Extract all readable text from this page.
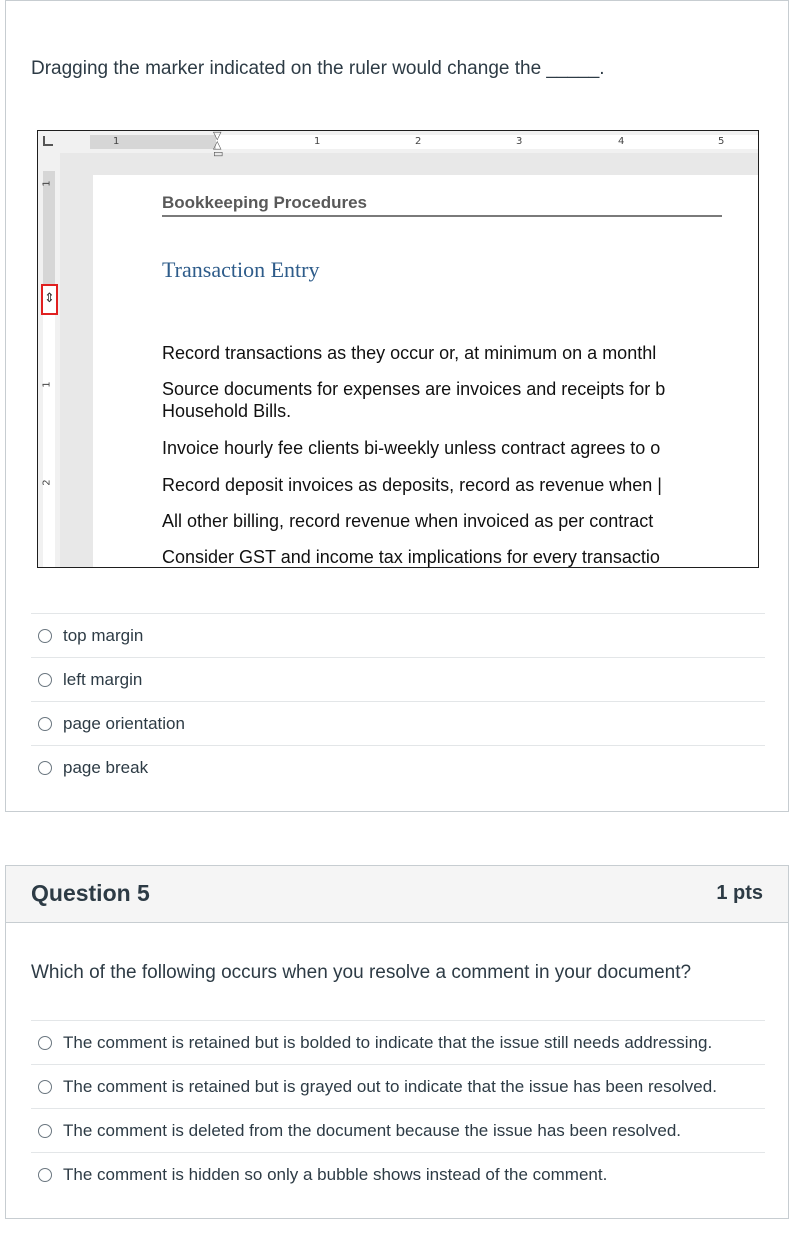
Dragging the marker indicated on the ruler would change the _____.
1	▽
△
▭
1	2	3	4	5
1
1
2
⇕
Bookkeeping Procedures
Transaction Entry
Record transactions as they occur or, at minimum on a monthl
Source documents for expenses are invoices and receipts for b
Household Bills.
Invoice hourly fee clients bi-weekly unless contract agrees to o
Record deposit invoices as deposits, record as revenue when |
All other billing, record revenue when invoiced as per contract
Consider GST and income tax implications for every transactio
top margin
left margin
page orientation
page break
Question 5	1 pts
Which of the following occurs when you resolve a comment in your document?
The comment is retained but is bolded to indicate that the issue still needs addressing.
The comment is retained but is grayed out to indicate that the issue has been resolved.
The comment is deleted from the document because the issue has been resolved.
The comment is hidden so only a bubble shows instead of the comment.
